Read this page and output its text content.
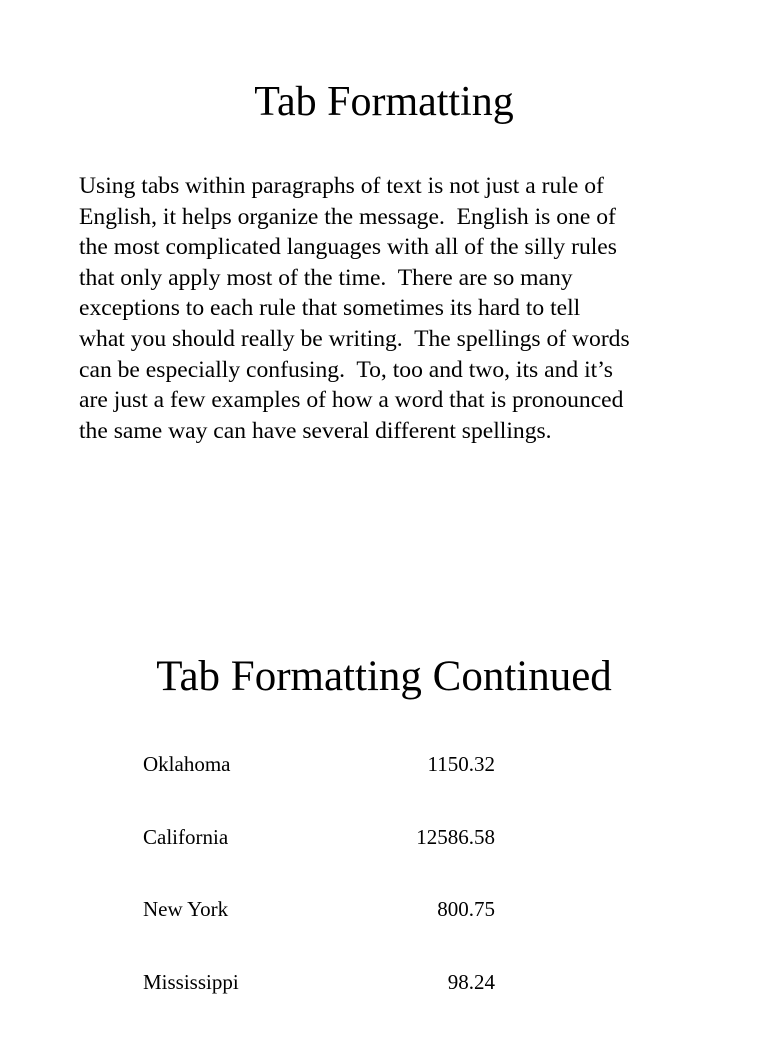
Tab Formatting

Using tabs within paragraphs of text is not just a rule of
English, it helps organize the message.  English is one of
the most complicated languages with all of the silly rules
that only apply most of the time.  There are so many
exceptions to each rule that sometimes its hard to tell
what you should really be writing.  The spellings of words
can be especially confusing.  To, too and two, its and it’s
are just a few examples of how a word that is pronounced
the same way can have several different spellings.

Tab Formatting Continued
Oklahoma	1150.32
California	12586.58
New York	800.75
Mississippi	98.24
